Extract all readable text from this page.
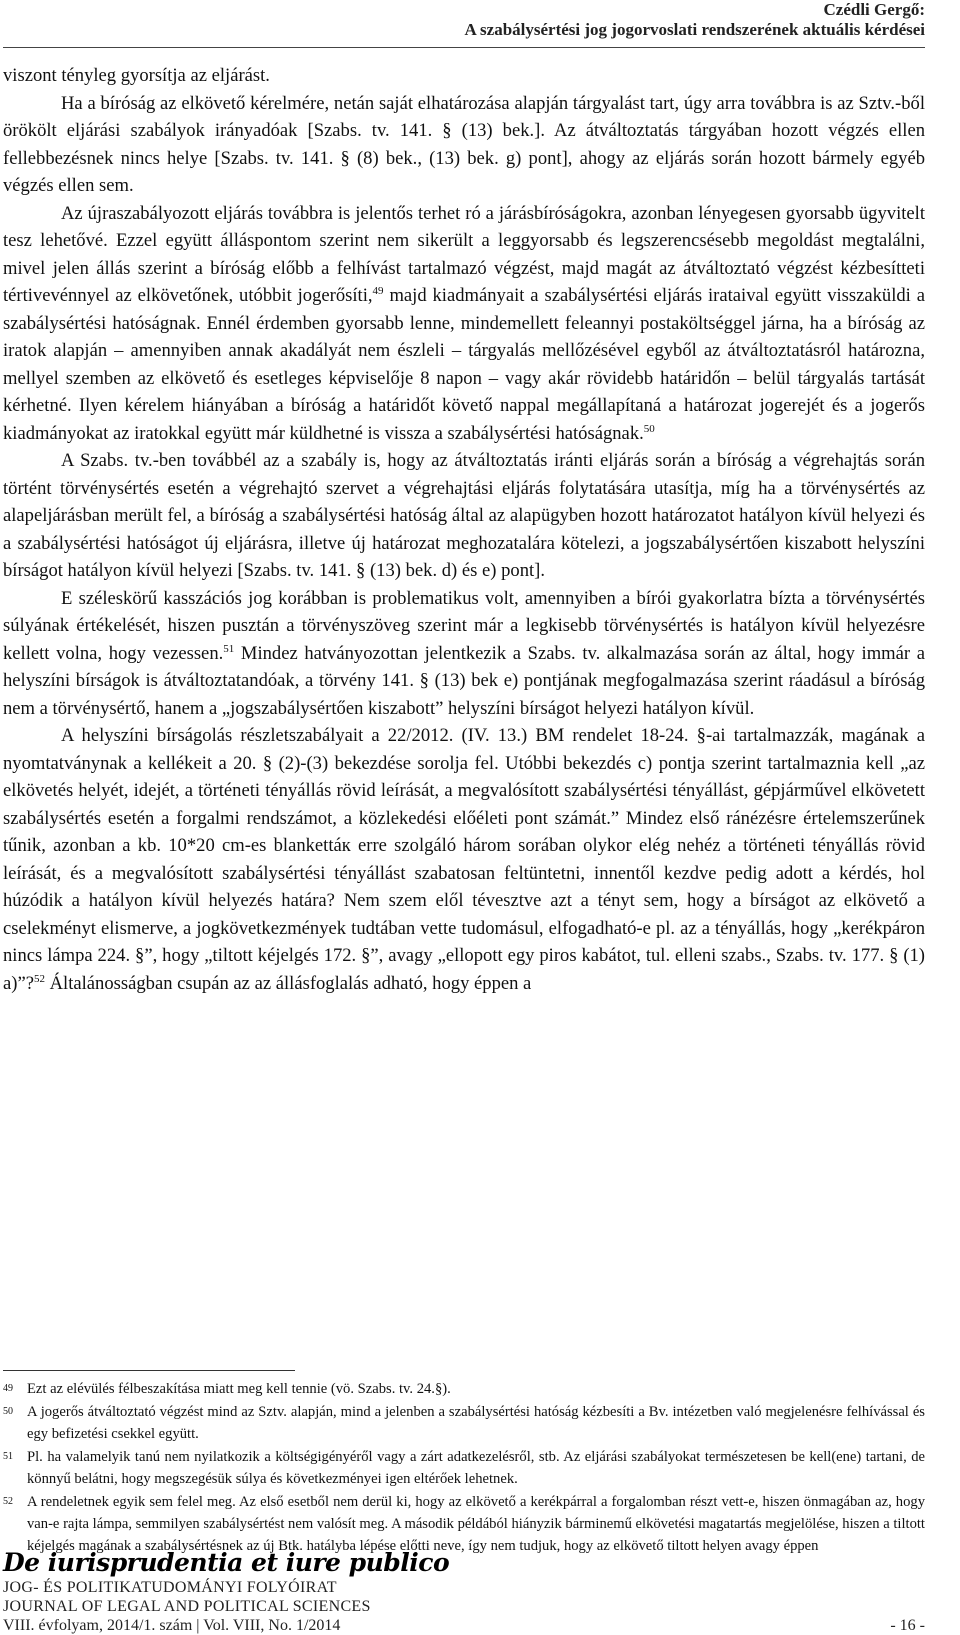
Czédli Gergő:
A szabálysértési jog jogorvoslati rendszerének aktuális kérdései

viszont tényleg gyorsítja az eljárást.

Ha a bíróság az elkövető kérelmére, netán saját elhatározása alapján tárgyalást tart, úgy arra továbbra is az Sztv.-ből örökölt eljárási szabályok irányadóak [Szabs. tv. 141. § (13) bek.]. Az átváltoztatás tárgyában hozott végzés ellen fellebbezésnek nincs helye [Szabs. tv. 141. § (8) bek., (13) bek. g) pont], ahogy az eljárás során hozott bármely egyéb végzés ellen sem.

Az újraszabályozott eljárás továbbra is jelentős terhet ró a járásbíróságokra, azonban lényegesen gyorsabb ügyvitelt tesz lehetővé. Ezzel együtt álláspontom szerint nem sikerült a leggyorsabb és legszerencsésebb megoldást megtalálni, mivel jelen állás szerint a bíróság előbb a felhívást tartalmazó végzést, majd magát az átváltoztató végzést kézbesítteti tértivevénnyel az elkövetőnek, utóbbit jogerősíti,$^{49}$ majd kiadmányait a szabálysértési eljárás irataival együtt visszaküldi a szabálysértési hatóságnak. Ennél érdemben gyorsabb lenne, mindemellett feleannyi postaköltséggel járna, ha a bíróság az iratok alapján – amennyiben annak akadályát nem észleli – tárgyalás mellőzésével egyből az átváltoztatásról határozna, mellyel szemben az elkövető és esetleges képviselője 8 napon – vagy akár rövidebb határidőn – belül tárgyalás tartását kérhetné. Ilyen kérelem hiányában a bíróság a határidőt követő nappal megállapítaná a határozat jogerejét és a jogerős kiadmányokat az iratokkal együtt már küldhetné is vissza a szabálysértési hatóságnak.$^{50}$

A Szabs. tv.-ben továbbél az a szabály is, hogy az átváltoztatás iránti eljárás során a bíróság a végrehajtás során történt törvénysértés esetén a végrehajtó szervet a végrehajtási eljárás folytatására utasítja, míg ha a törvénysértés az alapeljárásban merült fel, a bíróság a szabálysértési hatóság által az alapügyben hozott határozatot hatályon kívül helyezi és a szabálysértési hatóságot új eljárásra, illetve új határozat meghozatalára kötelezi, a jogszabálysértően kiszabott helyszíni bírságot hatályon kívül helyezi [Szabs. tv. 141. § (13) bek. d) és e) pont].

E széleskörű kasszációs jog korábban is problematikus volt, amennyiben a bírói gyakorlatra bízta a törvénysértés súlyának értékelését, hiszen pusztán a törvényszöveg szerint már a legkisebb törvénysértés is hatályon kívül helyezésre kellett volna, hogy vezessen.$^{51}$ Mindez hatványozottan jelentkezik a Szabs. tv. alkalmazása során az által, hogy immár a helyszíni bírságok is átváltoztatandóak, a törvény 141. § (13) bek e) pontjának megfogalmazása szerint ráadásul a bíróság nem a törvénysértő, hanem a „jogszabálysértően kiszabott” helyszíni bírságot helyezi hatályon kívül.

A helyszíni bírságolás részletszabályait a 22/2012. (IV. 13.) BM rendelet 18-24. §-ai tartalmazzák, magának a nyomtatványnak a kellékeit a 20. § (2)-(3) bekezdése sorolja fel. Utóbbi bekezdés c) pontja szerint tartalmaznia kell „az elkövetés helyét, idejét, a történeti tényállás rövid leírását, a megvalósított szabálysértési tényállást, gépjárművel elkövetett szabálysértés esetén a forgalmi rendszámot, a közlekedési előéleti pont számát.” Mindez első ránézésre értelemszerűnek tűnik, azonban a kb. 10*20 cm-es blankettáк erre szolgáló három sorában olykor elég nehéz a történeti tényállás rövid leírását, és a megvalósított szabálysértési tényállást szabatosan feltüntetni, innentől kezdve pedig adott a kérdés, hol húzódik a hatályon kívül helyezés határa? Nem szem elől tévesztve azt a tényt sem, hogy a bírságot az elkövető a cselekményt elismerve, a jogkövetkezmények tudtában vette tudomásul, elfogadható-e pl. az a tényállás, hogy „kerékpáron nincs lámpa 224. §”, hogy „tiltott kéjelgés 172. §”, avagy „ellopott egy piros kabátot, tul. elleni szabs., Szabs. tv. 177. § (1) a)”?$^{52}$ Általánosságban csupán az az állásfoglalás adható, hogy éppen a

49 Ezt az elévülés félbeszakítása miatt meg kell tennie (vö. Szabs. tv. 24.§).
50 A jogerős átváltoztató végzést mind az Sztv. alapján, mind a jelenben a szabálysértési hatóság kézbesíti a Bv. intézetben való megjelenésre felhívással és egy befizetési csekkel együtt.
51 Pl. ha valamelyik tanú nem nyilatkozik a költségigényéről vagy a zárt adatkezelésről, stb. Az eljárási szabályokat természetesen be kell(ene) tartani, de könnyű belátni, hogy megszegésük súlya és következményei igen eltérőek lehetnek.
52 A rendeletnek egyik sem felel meg. Az első esetből nem derül ki, hogy az elkövető a kerékpárral a forgalomban részt vett-e, hiszen önmagában az, hogy van-e rajta lámpa, semmilyen szabálysértést nem valósít meg. A második példából hiányzik bárminemű elkövetési magatartás megjelölése, hiszen a tiltott kéjelgés magának a szabálysértésnek az új Btk. hatályba lépése előtti neve, így nem tudjuk, hogy az elkövető tiltott helyen avagy éppen
De iurisprudentia et iure publico
JOG- ÉS POLITIKATUDOMÁNYI FOLYÓIRAT
JOURNAL OF LEGAL AND POLITICAL SCIENCES
VIII. évfolyam, 2014/1. szám | Vol. VIII, No. 1/2014	- 16 -
